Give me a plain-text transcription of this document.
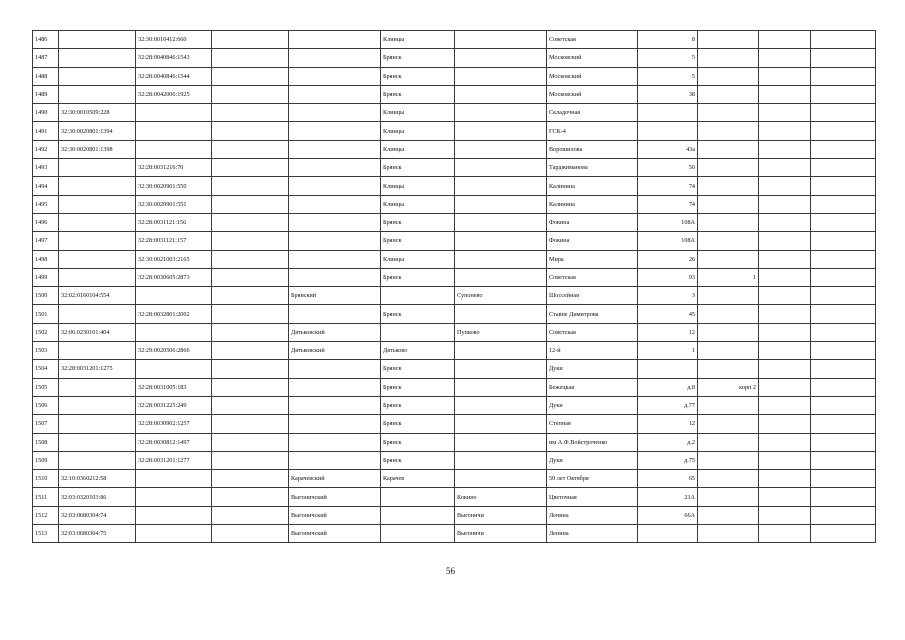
1486		32:30:0010412:660			Клинцы		Советская	8			
1487		32:28:0040846:1543			Брянск		Московский	5			
1488		32:28:0040846:1544			Брянск		Московский	5			
1489		32:28:0042006:1925			Брянск		Московский	38			
1490	32:30:0010509:228				Клинцы		Складочная				
1491	32:30:0020801:1394				Клинцы		ГСК-4				
1492	32:30:0020801:1398				Клинцы		Ворошилова	43а			
1493		32:28:0031216:70			Брянск		Тарджиманова	50			
1494		32:30:0020901:550			Клинцы		Калинина	74			
1495		32:30:0020901:551			Клинцы		Калинина	74			
1496		32:28:0031121:156			Брянск		Фокина	108А			
1497		32:28:0031121:157			Брянск		Фокина	108А			
1498		32:30:0021003:2165			Клинцы		Мира	26			
1499		32:28:0030605:2873			Брянск		Советская	93	1		
1500	32:02:0160104:554			Брянский		Супонево	Шоссейная	3			
1501		32:28:0032801:2002			Брянск		Ставпе Димитрова	45			
1502	32:06:0230101:404			Дятьковский		Пупково	Советская	12			
1503		32:29:0020506:2866		Дятьковский	Дятьково		12-й	1			
1504	32:28:0031201:1275				Брянск		Дуки				
1505		32:28:0031005:183			Брянск		Бежецкая	д.8	корп 2		
1506		32:28:0031225:249			Брянск		Дуки	д.77			
1507		32:28:0030902:1257			Брянск		Степная	12			
1508		32:28:0030812:1497			Брянск		им А.Ф.Войстроченко	д.2			
1509		32:28:0031201:1277			Брянск		Дуки	д.75			
1510	32:10:0360212:58			Карачевский	Карачев		50 лет Октября	65			
1511	32:03:0320103:86			Выгоничский		Кокино	Цветочная	21А			
1512	32:03:0680304:74			Выгоничский		Выгоничи	Ленина	66А			
1513	32:03:0680304:75			Выгоничский		Выгоничи	Ленина				
56
